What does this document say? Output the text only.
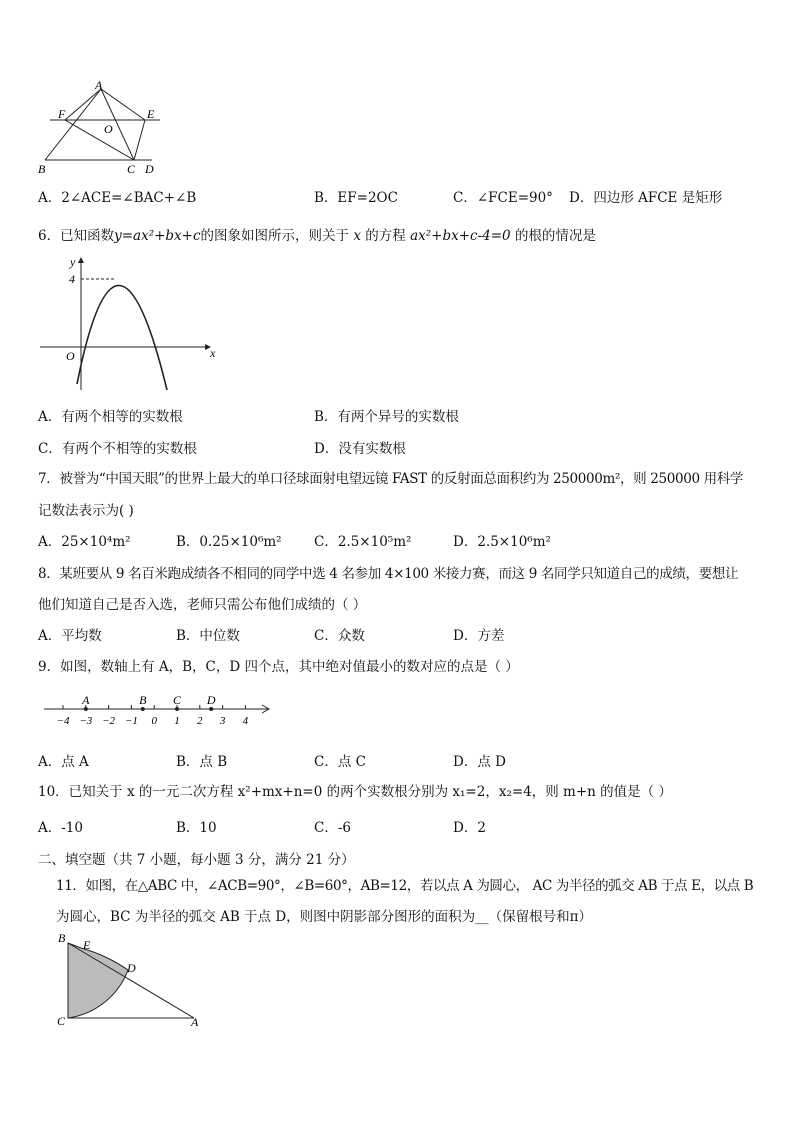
A
F	E
O
B	C D
A．2∠ACE=∠BAC+∠B	B．EF=2OC	C．∠FCE=90° D．四边形 AFCE 是矩形
6．已知函数y=ax²+bx+c的图象如图所示，则关于 x 的方程 ax²+bx+c-4=0 的根的情况是
y
x
O
4
A．有两个相等的实数根	B．有两个异号的实数根
C．有两个不相等的实数根	D．没有实数根
7．被誉为“中国天眼”的世界上最大的单口径球面射电望远镜 FAST 的反射面总面积约为 250000m²，则 250000 用科学
记数法表示为( )
A．25×10⁴m²	B．0.25×10⁶m² C．2.5×10⁵m²	D．2.5×10⁶m²
8．某班要从 9 名百米跑成绩各不相同的同学中选 4 名参加 4×100 米接力赛，而这 9 名同学只知道自己的成绩，要想让
他们知道自己是否入选，老师只需公布他们成绩的（ ）
A．平均数	B．中位数	C．众数	D．方差
9．如图，数轴上有 A，B，C，D 四个点，其中绝对值最小的数对应的点是（ ）
−4 −3 −2 −1 0 1 2 3 4
A	B C D
A．点 A	B．点 B	C．点 C	D．点 D
10．已知关于 x 的一元二次方程 x²+mx+n=0 的两个实数根分别为 x₁=2，x₂=4，则 m+n 的值是（ ）
A．-10	B．10	C．-6	D．2
二、填空题（共 7 小题，每小题 3 分，满分 21 分）
11．如图，在△ABC 中，∠ACB=90°，∠B=60°，AB=12，若以点 A 为圆心， AC 为半径的弧交 AB 于点 E，以点 B
为圆心，BC 为半径的弧交 AB 于点 D，则图中阴影部分图形的面积为__（保留根号和π）
B E
D
C	A
